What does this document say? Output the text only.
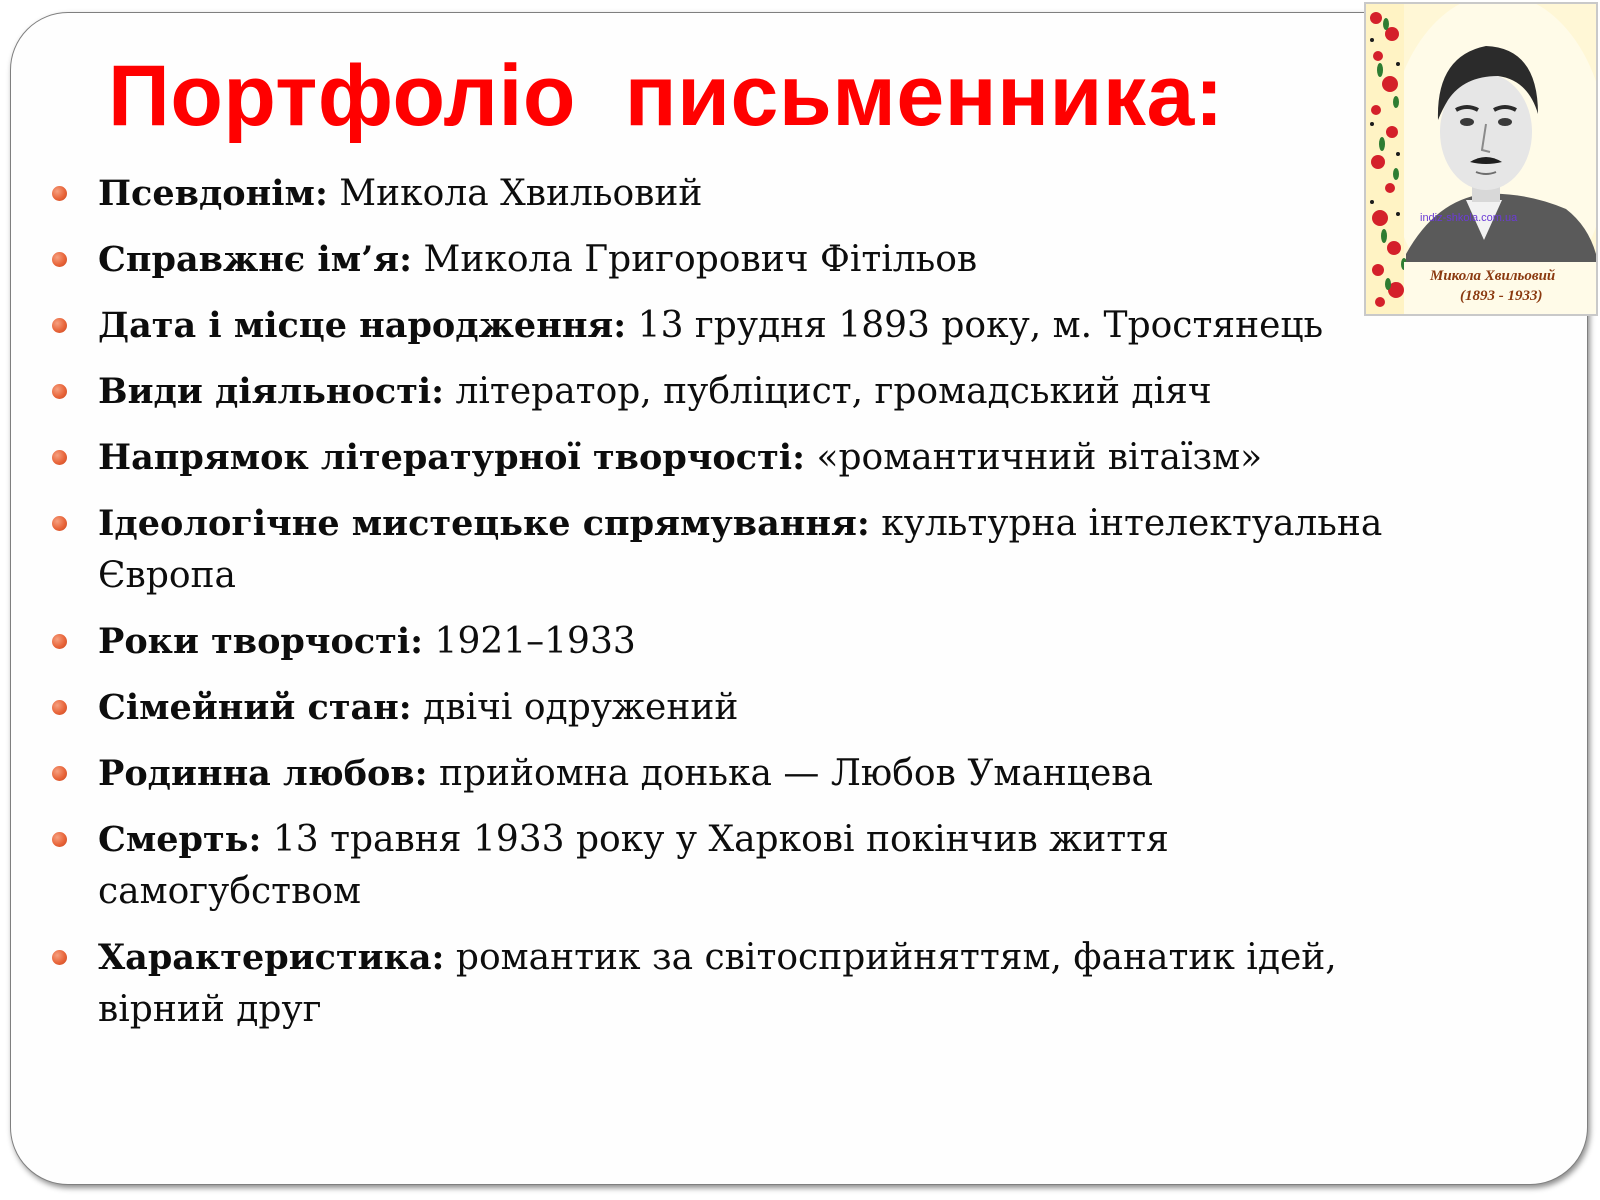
Портфоліо  письменника:
Псевдонім: Микола Хвильовий
Справжнє ім’я: Микола Григорович Фітільов
Дата і місце народження: 13 грудня 1893 року, м. Тростянець
Види діяльності: літератор, публіцист, громадський діяч
Напрямок літературної творчості: «романтичний вітаїзм»
Ідеологічне мистецьке спрямування: культурна інтелектуальна Європа
Роки творчості: 1921–1933
Сімейний стан: двічі одружений
Родинна любов: прийомна донька — Любов Уманцева
Смерть: 13 травня 1933 року у Харкові покінчив життя самогубством
Характеристика: романтик за світосприйняттям, фанатик ідей, вірний друг
indiz-shkola.com.ua
Микола Хвильовий
(1893 - 1933)
